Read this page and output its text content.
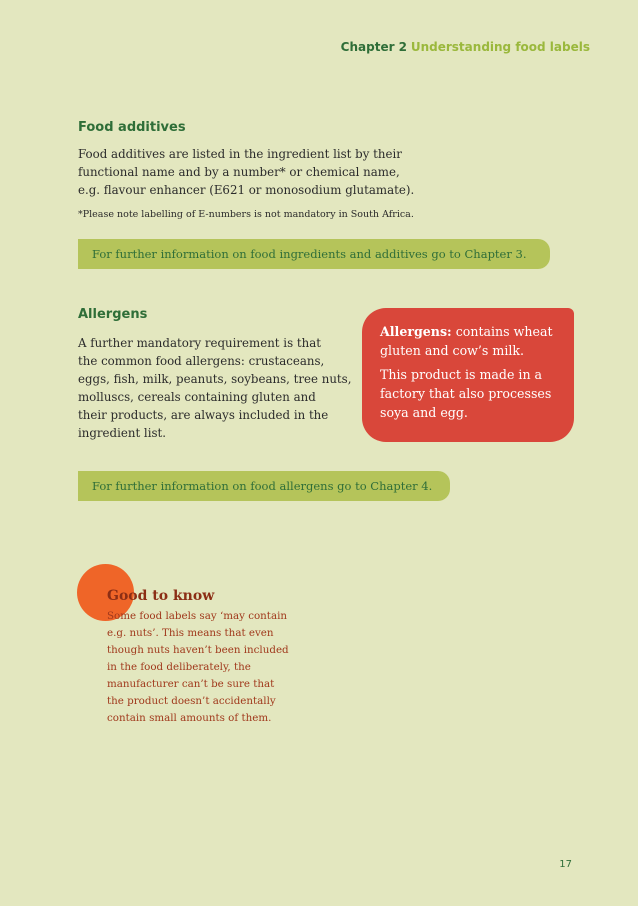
Chapter 2 Understanding food labels
Food additives
Food additives are listed in the ingredient list by their
functional name and by a number* or chemical name,
e.g. flavour enhancer (E621 or monosodium glutamate).
*Please note labelling of E-numbers is not mandatory in South Africa.
For further information on food ingredients and additives go to Chapter 3.
Allergens
A further mandatory requirement is that
the common food allergens: crustaceans,
eggs, fish, milk, peanuts, soybeans, tree nuts,
molluscs, cereals containing gluten and
their products, are always included in the
ingredient list.
Allergens: contains wheat
gluten and cow’s milk.
This product is made in a
factory that also processes
soya and egg.
For further information on food allergens go to Chapter 4.
Good to know
Some food labels say ‘may contain
e.g. nuts’. This means that even
though nuts haven’t been included
in the food deliberately, the
manufacturer can’t be sure that
the product doesn’t accidentally
contain small amounts of them.
17
